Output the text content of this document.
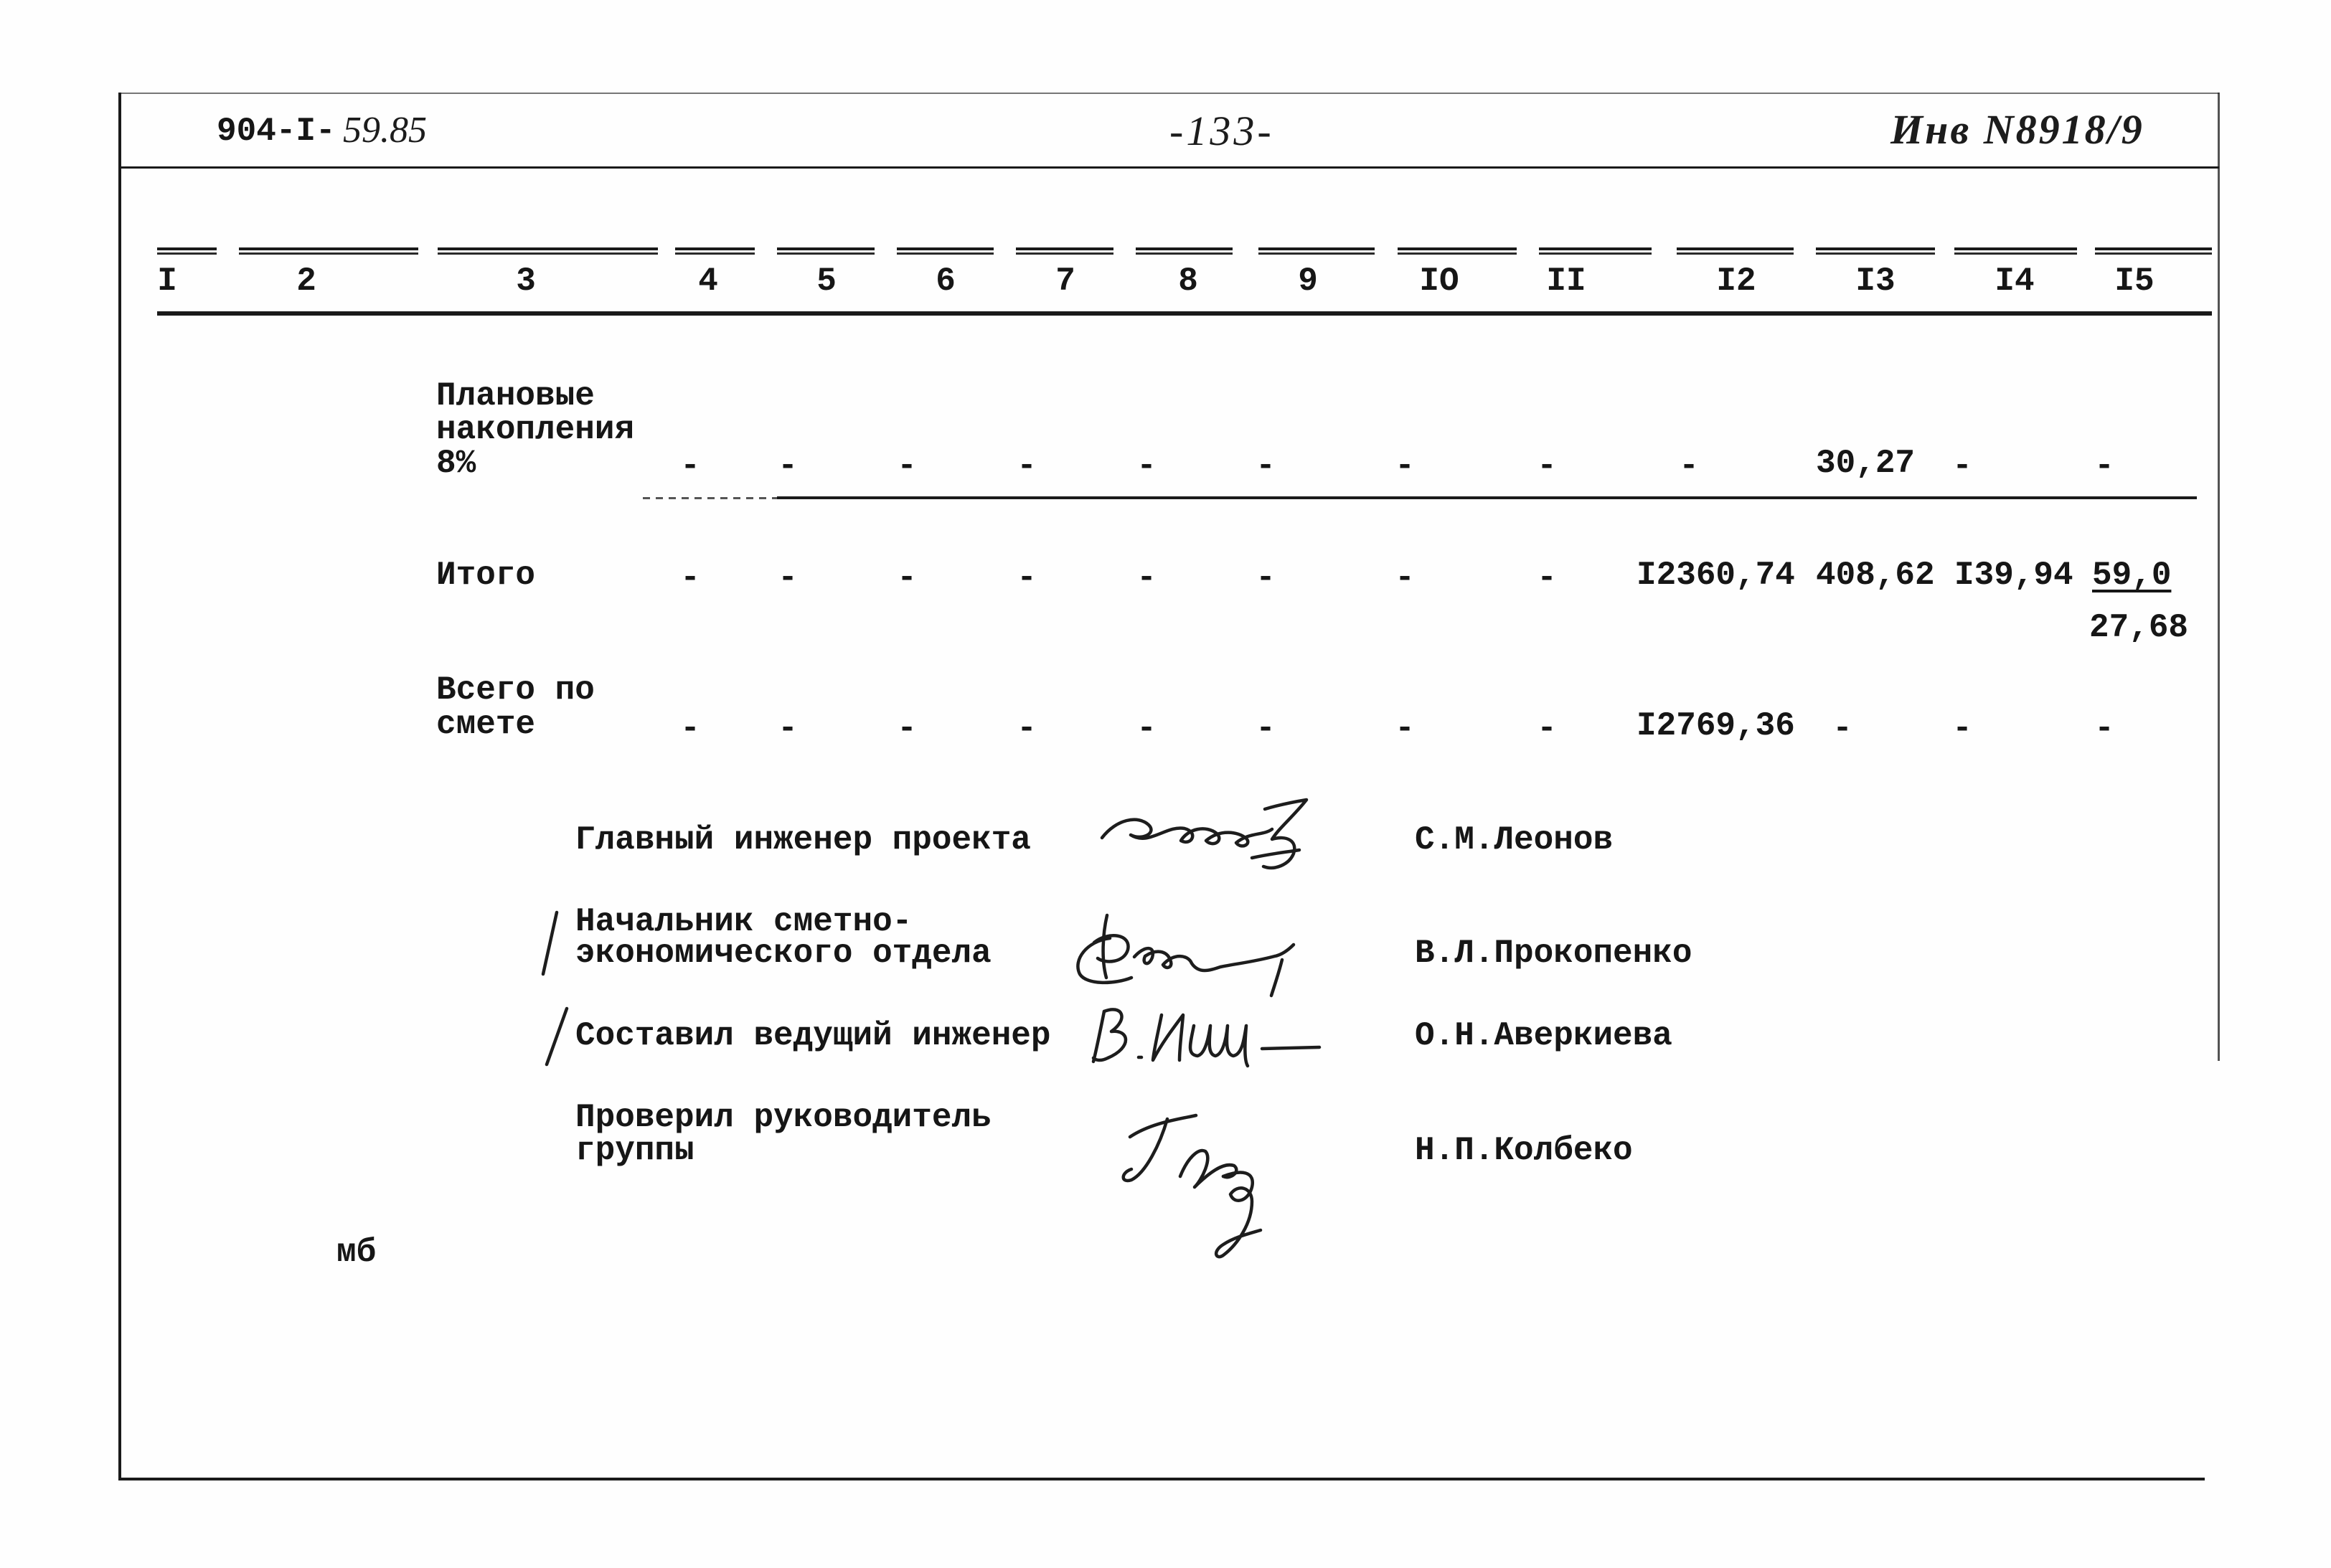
904-I- 59.85	-133-	Инв N8918/9
I	2	3	4	5	6	7	8	9	IO	II	I2	I3	I4	I5
Плановые
накопления
8%	-	-	-	-	-	-	-	-	-	30,27	-	-
Итого	-	-	-	-	-	-	-	-	I2360,74 408,62 I39,94 59,0
27,68
Всего по
смете	-	-	-	-	-	-	-	-	I2769,36	-	-	-
Главный инженер проекта	С.М.Леонов
Начальник сметно-
экономического отдела	В.Л.Прокопенко
Составил ведущий инженер	О.Н.Аверкиева
Проверил руководитель
группы	Н.П.Колбеко
мб
